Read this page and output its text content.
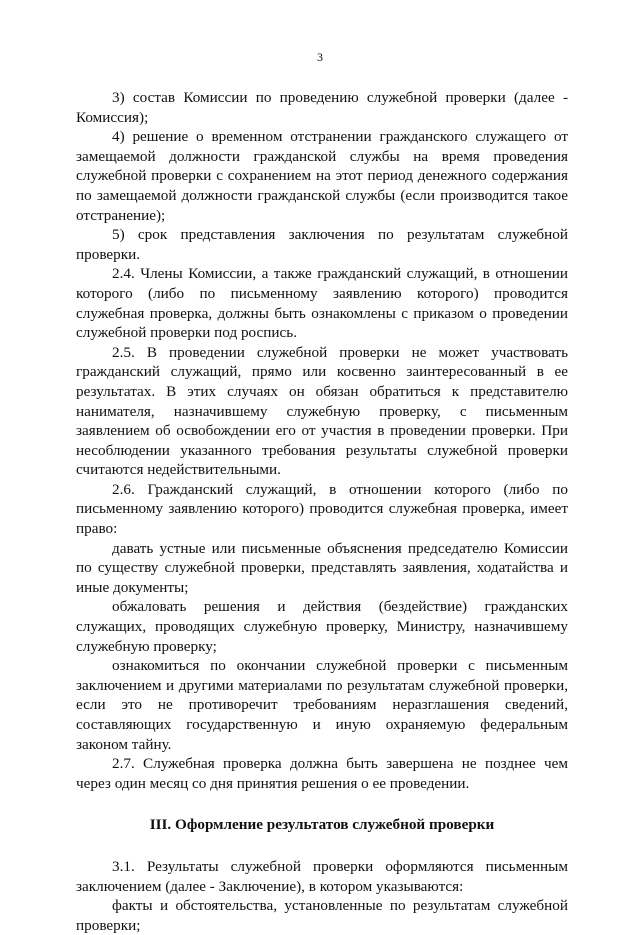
3

3) состав Комиссии по проведению служебной проверки (далее - Комиссия);

4) решение о временном отстранении гражданского служащего от замещаемой должности гражданской службы на время проведения служебной проверки с сохранением на этот период денежного содержания по замещаемой должности гражданской службы (если производится такое отстранение);

5) срок представления заключения по результатам служебной проверки.

2.4. Члены Комиссии, а также гражданский служащий, в отношении которого (либо по письменному заявлению которого) проводится служебная проверка, должны быть ознакомлены с приказом о проведении служебной проверки под роспись.

2.5. В проведении служебной проверки не может участвовать гражданский служащий, прямо или косвенно заинтересованный в ее результатах. В этих случаях он обязан обратиться к представителю нанимателя, назначившему служебную проверку, с письменным заявлением об освобождении его от участия в проведении проверки. При несоблюдении указанного требования результаты служебной проверки считаются недействительными.

2.6. Гражданский служащий, в отношении которого (либо по письменному заявлению которого) проводится служебная проверка, имеет право:

давать устные или письменные объяснения председателю Комиссии по существу служебной проверки, представлять заявления, ходатайства и иные документы;

обжаловать решения и действия (бездействие) гражданских служащих, проводящих служебную проверку, Министру, назначившему служебную проверку;

ознакомиться по окончании служебной проверки с письменным заключением и другими материалами по результатам служебной проверки, если это не противоречит требованиям неразглашения сведений, составляющих государственную и иную охраняемую федеральным законом тайну.

2.7. Служебная проверка должна быть завершена не позднее чем через один месяц со дня принятия решения о ее проведении.

III. Оформление результатов служебной проверки

3.1. Результаты служебной проверки оформляются письменным заключением (далее - Заключение), в котором указываются:

факты и обстоятельства, установленные по результатам служебной проверки;
